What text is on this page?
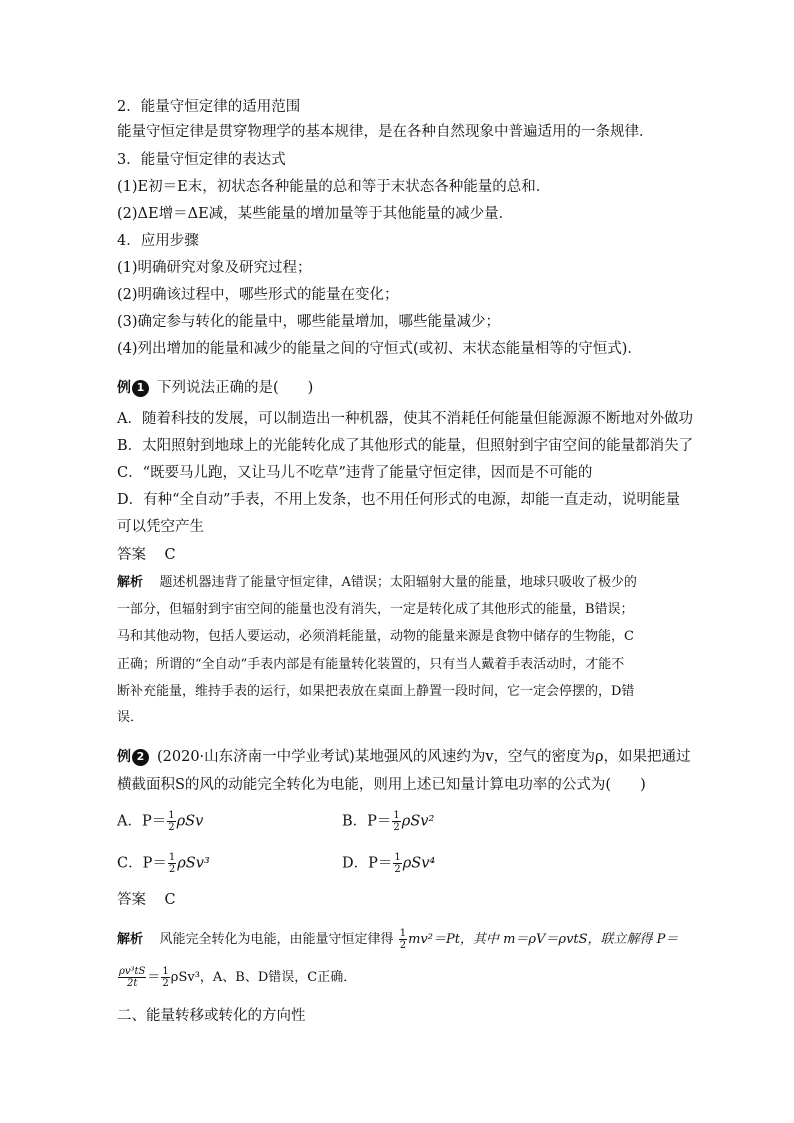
2．能量守恒定律的适用范围
能量守恒定律是贯穿物理学的基本规律，是在各种自然现象中普遍适用的一条规律．
3．能量守恒定律的表达式
(1)E初＝E末，初状态各种能量的总和等于末状态各种能量的总和．
(2)ΔE增＝ΔE减，某些能量的增加量等于其他能量的减少量．
4．应用步骤
(1)明确研究对象及研究过程；
(2)明确该过程中，哪些形式的能量在变化；
(3)确定参与转化的能量中，哪些能量增加，哪些能量减少；
(4)列出增加的能量和减少的能量之间的守恒式(或初、末状态能量相等的守恒式)．
例 1 下列说法正确的是(　　)
A．随着科技的发展，可以制造出一种机器，使其不消耗任何能量但能源源不断地对外做功
B．太阳照射到地球上的光能转化成了其他形式的能量，但照射到宇宙空间的能量都消失了
C．“既要马儿跑，又让马儿不吃草”违背了能量守恒定律，因而是不可能的
D．有种“全自动”手表，不用上发条，也不用任何形式的电源，却能一直走动，说明能量
可以凭空产生
答案 C
解析 题述机器违背了能量守恒定律，A错误；太阳辐射大量的能量，地球只吸收了极少的
一部分，但辐射到宇宙空间的能量也没有消失，一定是转化成了其他形式的能量，B错误；
马和其他动物，包括人要运动，必须消耗能量，动物的能量来源是食物中储存的生物能，C
正确；所谓的“全自动”手表内部是有能量转化装置的，只有当人戴着手表活动时，才能不
断补充能量，维持手表的运行，如果把表放在桌面上静置一段时间，它一定会停摆的，D错
误．
例 2 (2020·山东济南一中学业考试)某地强风的风速约为v，空气的密度为ρ，如果把通过
横截面积S的风的动能完全转化为电能，则用上述已知量计算电功率的公式为(　　)
A．$P= \frac{1}{2}$ ρSv	B．$P= \frac{1}{2} \rho Sv^2$
C．$P= \frac{1}{2} \rho Sv^3$	D．$P= \frac{1}{2} \rho Sv^4$
答案 C
解析 风能完全转化为电能，由能量守恒定律得 $\frac{1}{2} mv^2=Pt$，其中 m＝ρV＝ρvtS，联立解得 P＝
$\frac{\text{ρv³tS}}{2t} = \frac{1}{2} \rho Sv^3$，A、B、D错误，C正确．
二、能量转移或转化的方向性
